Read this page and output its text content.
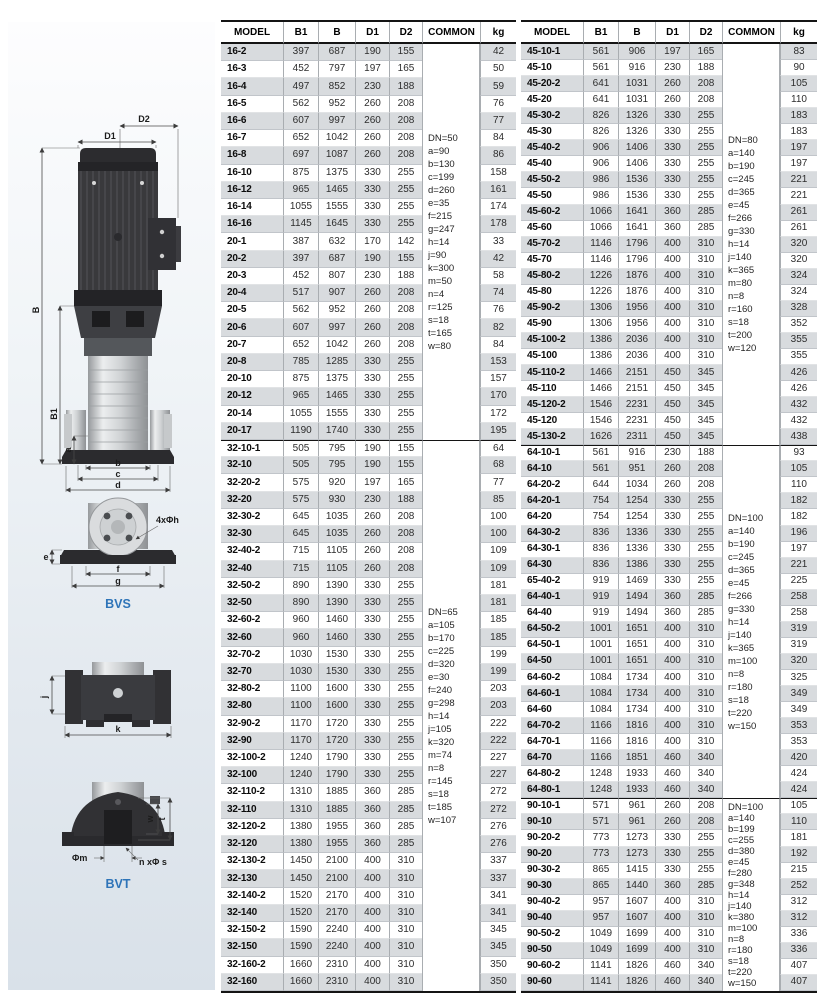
D2
D1
B
B1
a
b
c
d
4xΦh
e
f
g
BVS
j
k
w t
Φm	n xΦ s
BVT
MODEL	B1	B	D1	D2	COMMON	kg
16-2	397	687	190	155	42
16-3	452	797	197	165	50
16-4	497	852	230	188	59
16-5	562	952	260	208	76
16-6	607	997	260	208	77
16-7	652	1042	260	208	84
16-8	697	1087	260	208	86
16-10	875	1375	330	255	158
16-12	965	1465	330	255	161
16-14	1055	1555	330	255	174
16-16	1145	1645	330	255	178
20-1	387	632	170	142	33
20-2	397	687	190	155	42
20-3	452	807	230	188	58
20-4	517	907	260	208	74
20-5	562	952	260	208	76
20-6	607	997	260	208	82
20-7	652	1042	260	208	84
20-8	785	1285	330	255	153
20-10	875	1375	330	255	157
20-12	965	1465	330	255	170
20-14	1055	1555	330	255	172
20-17	1190	1740	330	255	195
DN=50
a=90
b=130
c=199
d=260
e=35
f=215
g=247
h=14
j=90
k=300
m=50
n=4
r=125
s=18
t=165
w=80
32-10-1	505	795	190	155	64
32-10	505	795	190	155	68
32-20-2	575	920	197	165	77
32-20	575	930	230	188	85
32-30-2	645	1035	260	208	100
32-30	645	1035	260	208	100
32-40-2	715	1105	260	208	109
32-40	715	1105	260	208	109
32-50-2	890	1390	330	255	181
32-50	890	1390	330	255	181
32-60-2	960	1460	330	255	185
32-60	960	1460	330	255	185
32-70-2	1030	1530	330	255	199
32-70	1030	1530	330	255	199
32-80-2	1100	1600	330	255	203
32-80	1100	1600	330	255	203
32-90-2	1170	1720	330	255	222
32-90	1170	1720	330	255	222
32-100-2	1240	1790	330	255	227
32-100	1240	1790	330	255	227
32-110-2	1310	1885	360	285	272
32-110	1310	1885	360	285	272
32-120-2	1380	1955	360	285	276
32-120	1380	1955	360	285	276
32-130-2	1450	2100	400	310	337
32-130	1450	2100	400	310	337
32-140-2	1520	2170	400	310	341
32-140	1520	2170	400	310	341
32-150-2	1590	2240	400	310	345
32-150	1590	2240	400	310	345
32-160-2	1660	2310	400	310	350
32-160	1660	2310	400	310	350
DN=65
a=105
b=170
c=225
d=320
e=30
f=240
g=298
h=14
j=105
k=320
m=74
n=8
r=145
s=18
t=185
w=107
MODEL	B1	B	D1	D2	COMMON	kg
45-10-1	561	906	197	165	83
45-10	561	916	230	188	90
45-20-2	641	1031	260	208	105
45-20	641	1031	260	208	110
45-30-2	826	1326	330	255	183
45-30	826	1326	330	255	183
45-40-2	906	1406	330	255	197
45-40	906	1406	330	255	197
45-50-2	986	1536	330	255	221
45-50	986	1536	330	255	221
45-60-2	1066	1641	360	285	261
45-60	1066	1641	360	285	261
45-70-2	1146	1796	400	310	320
45-70	1146	1796	400	310	320
45-80-2	1226	1876	400	310	324
45-80	1226	1876	400	310	324
45-90-2	1306	1956	400	310	328
45-90	1306	1956	400	310	352
45-100-2	1386	2036	400	310	355
45-100	1386	2036	400	310	355
45-110-2	1466	2151	450	345	426
45-110	1466	2151	450	345	426
45-120-2	1546	2231	450	345	432
45-120	1546	2231	450	345	432
45-130-2	1626	2311	450	345	438
DN=80
a=140
b=190
c=245
d=365
e=45
f=266
g=330
h=14
j=140
k=365
m=80
n=8
r=160
s=18
t=200
w=120
64-10-1	561	916	230	188	93
64-10	561	951	260	208	105
64-20-2	644	1034	260	208	110
64-20-1	754	1254	330	255	182
64-20	754	1254	330	255	182
64-30-2	836	1336	330	255	196
64-30-1	836	1336	330	255	197
64-30	836	1386	330	255	221
65-40-2	919	1469	330	255	225
64-40-1	919	1494	360	285	258
64-40	919	1494	360	285	258
64-50-2	1001	1651	400	310	319
64-50-1	1001	1651	400	310	319
64-50	1001	1651	400	310	320
64-60-2	1084	1734	400	310	325
64-60-1	1084	1734	400	310	349
64-60	1084	1734	400	310	349
64-70-2	1166	1816	400	310	353
64-70-1	1166	1816	400	310	353
64-70	1166	1851	460	340	420
64-80-2	1248	1933	460	340	424
64-80-1	1248	1933	460	340	424
DN=100
a=140
b=190
c=245
d=365
e=45
f=266
g=330
h=14
j=140
k=365
m=100
n=8
r=180
s=18
t=220
w=150
90-10-1	571	961	260	208	105
90-10	571	961	260	208	110
90-20-2	773	1273	330	255	181
90-20	773	1273	330	255	192
90-30-2	865	1415	330	255	215
90-30	865	1440	360	285	252
90-40-2	957	1607	400	310	312
90-40	957	1607	400	310	312
90-50-2	1049	1699	400	310	336
90-50	1049	1699	400	310	336
90-60-2	1141	1826	460	340	407
90-60	1141	1826	460	340	407
DN=100
a=140
b=199
c=255
d=380
e=45
f=280
g=348
h=14
j=140
k=380
m=100
n=8
r=180
s=18
t=220
w=150
